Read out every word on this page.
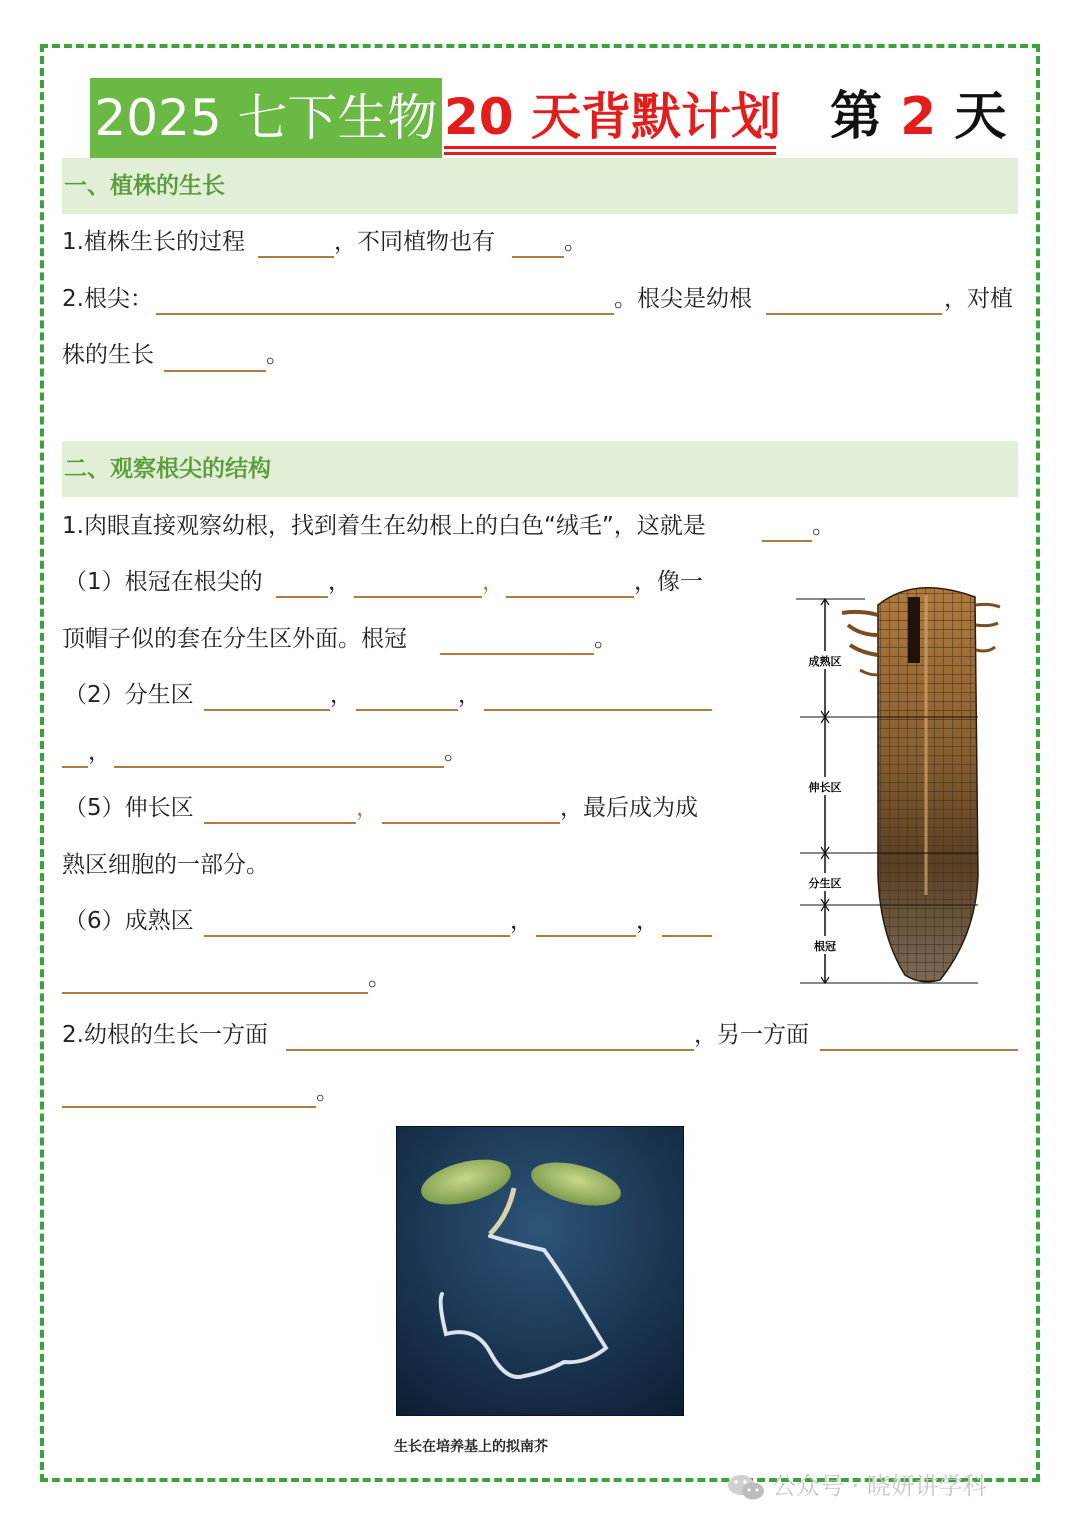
2025 七下生物 20 天背默计划 第 2 天
一、植株的生长
1.植株生长的过程	，不同植物也有	。
2.根尖：	。根尖是幼根	，对植
株的生长	。
二、观察根尖的结构
1.肉眼直接观察幼根，找到着生在幼根上的白色“绒毛”，这就是	。
（1）根冠在根尖的	，	，	，像一
顶帽子似的套在分生区外面。根冠	。
（2）分生区	，	，
，	。
（5）伸长区	，	，最后成为成
熟区细胞的一部分。
（6）成熟区	，	，
。
2.幼根的生长一方面	，另一方面
。
成熟区
伸长区
分生区
根冠
生长在培养基上的拟南芥
公众号 · 晓妍讲学科
